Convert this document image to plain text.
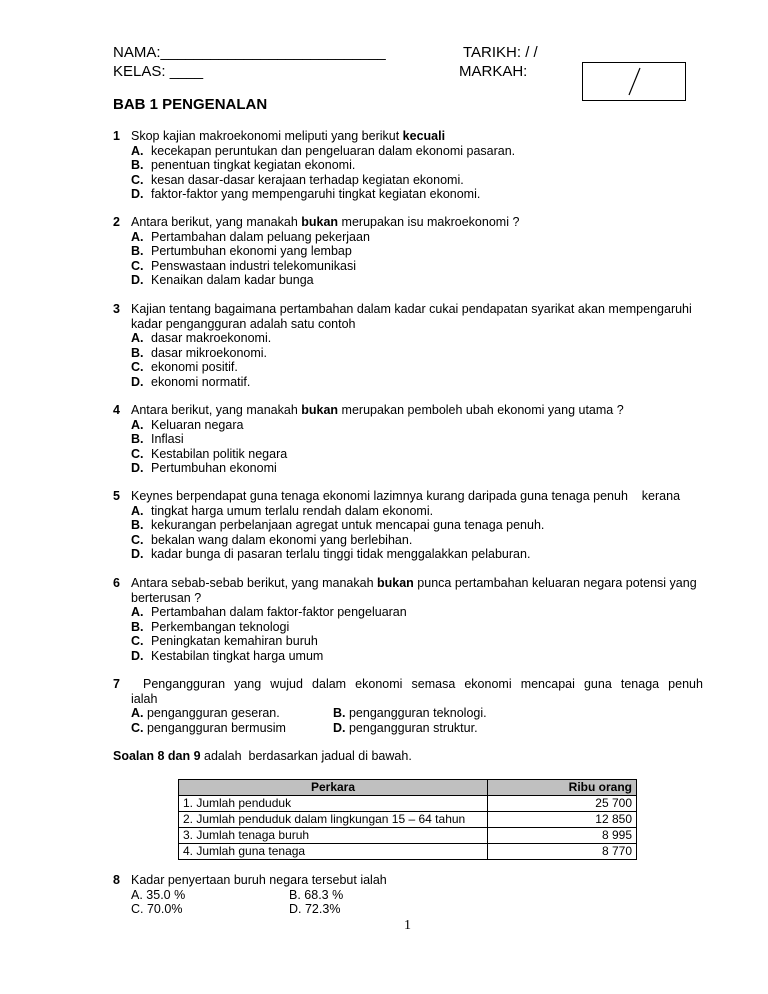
NAMA:___________________________	TARIKH: / /
KELAS: ____	MARKAH:
BAB 1 PENGENALAN
1 Skop kajian makroekonomi meliputi yang berikut kecuali
A. kecekapan peruntukan dan pengeluaran dalam ekonomi pasaran.
B. penentuan tingkat kegiatan ekonomi.
C. kesan dasar-dasar kerajaan terhadap kegiatan ekonomi.
D. faktor-faktor yang mempengaruhi tingkat kegiatan ekonomi.
2 Antara berikut, yang manakah bukan merupakan isu makroekonomi ?
A. Pertambahan dalam peluang pekerjaan
B. Pertumbuhan ekonomi yang lembap
C. Penswastaan industri telekomunikasi
D. Kenaikan dalam kadar bunga
3 Kajian tentang bagaimana pertambahan dalam kadar cukai pendapatan syarikat akan mempengaruhi
kadar pengangguran adalah satu contoh
A. dasar makroekonomi.
B. dasar mikroekonomi.
C. ekonomi positif.
D. ekonomi normatif.
4 Antara berikut, yang manakah bukan merupakan pemboleh ubah ekonomi yang utama ?
A. Keluaran negara
B. Inflasi
C. Kestabilan politik negara
D. Pertumbuhan ekonomi
5 Keynes berpendapat guna tenaga ekonomi lazimnya kurang daripada guna tenaga penuh    kerana
A. tingkat harga umum terlalu rendah dalam ekonomi.
B. kekurangan perbelanjaan agregat untuk mencapai guna tenaga penuh.
C. bekalan wang dalam ekonomi yang berlebihan.
D. kadar bunga di pasaran terlalu tinggi tidak menggalakkan pelaburan.
6 Antara sebab-sebab berikut, yang manakah bukan punca pertambahan keluaran negara potensi yang
berterusan ?
A. Pertambahan dalam faktor-faktor pengeluaran
B. Perkembangan teknologi
C. Peningkatan kemahiran buruh
D. Kestabilan tingkat harga umum
7	Pengangguran yang wujud dalam ekonomi semasa ekonomi mencapai guna tenaga penuh
ialah
A. pengangguran geseran.	B. pengangguran teknologi.
C. pengangguran bermusim	D. pengangguran struktur.
Soalan 8 dan 9 adalah  berdasarkan jadual di bawah.
Perkara	Ribu orang
1. Jumlah penduduk	25 700
2. Jumlah penduduk dalam lingkungan 15 – 64 tahun	12 850
3. Jumlah tenaga buruh	8 995
4. Jumlah guna tenaga	8 770
8 Kadar penyertaan buruh negara tersebut ialah
A. 35.0 %	B. 68.3 %
C. 70.0%	D. 72.3%
1
